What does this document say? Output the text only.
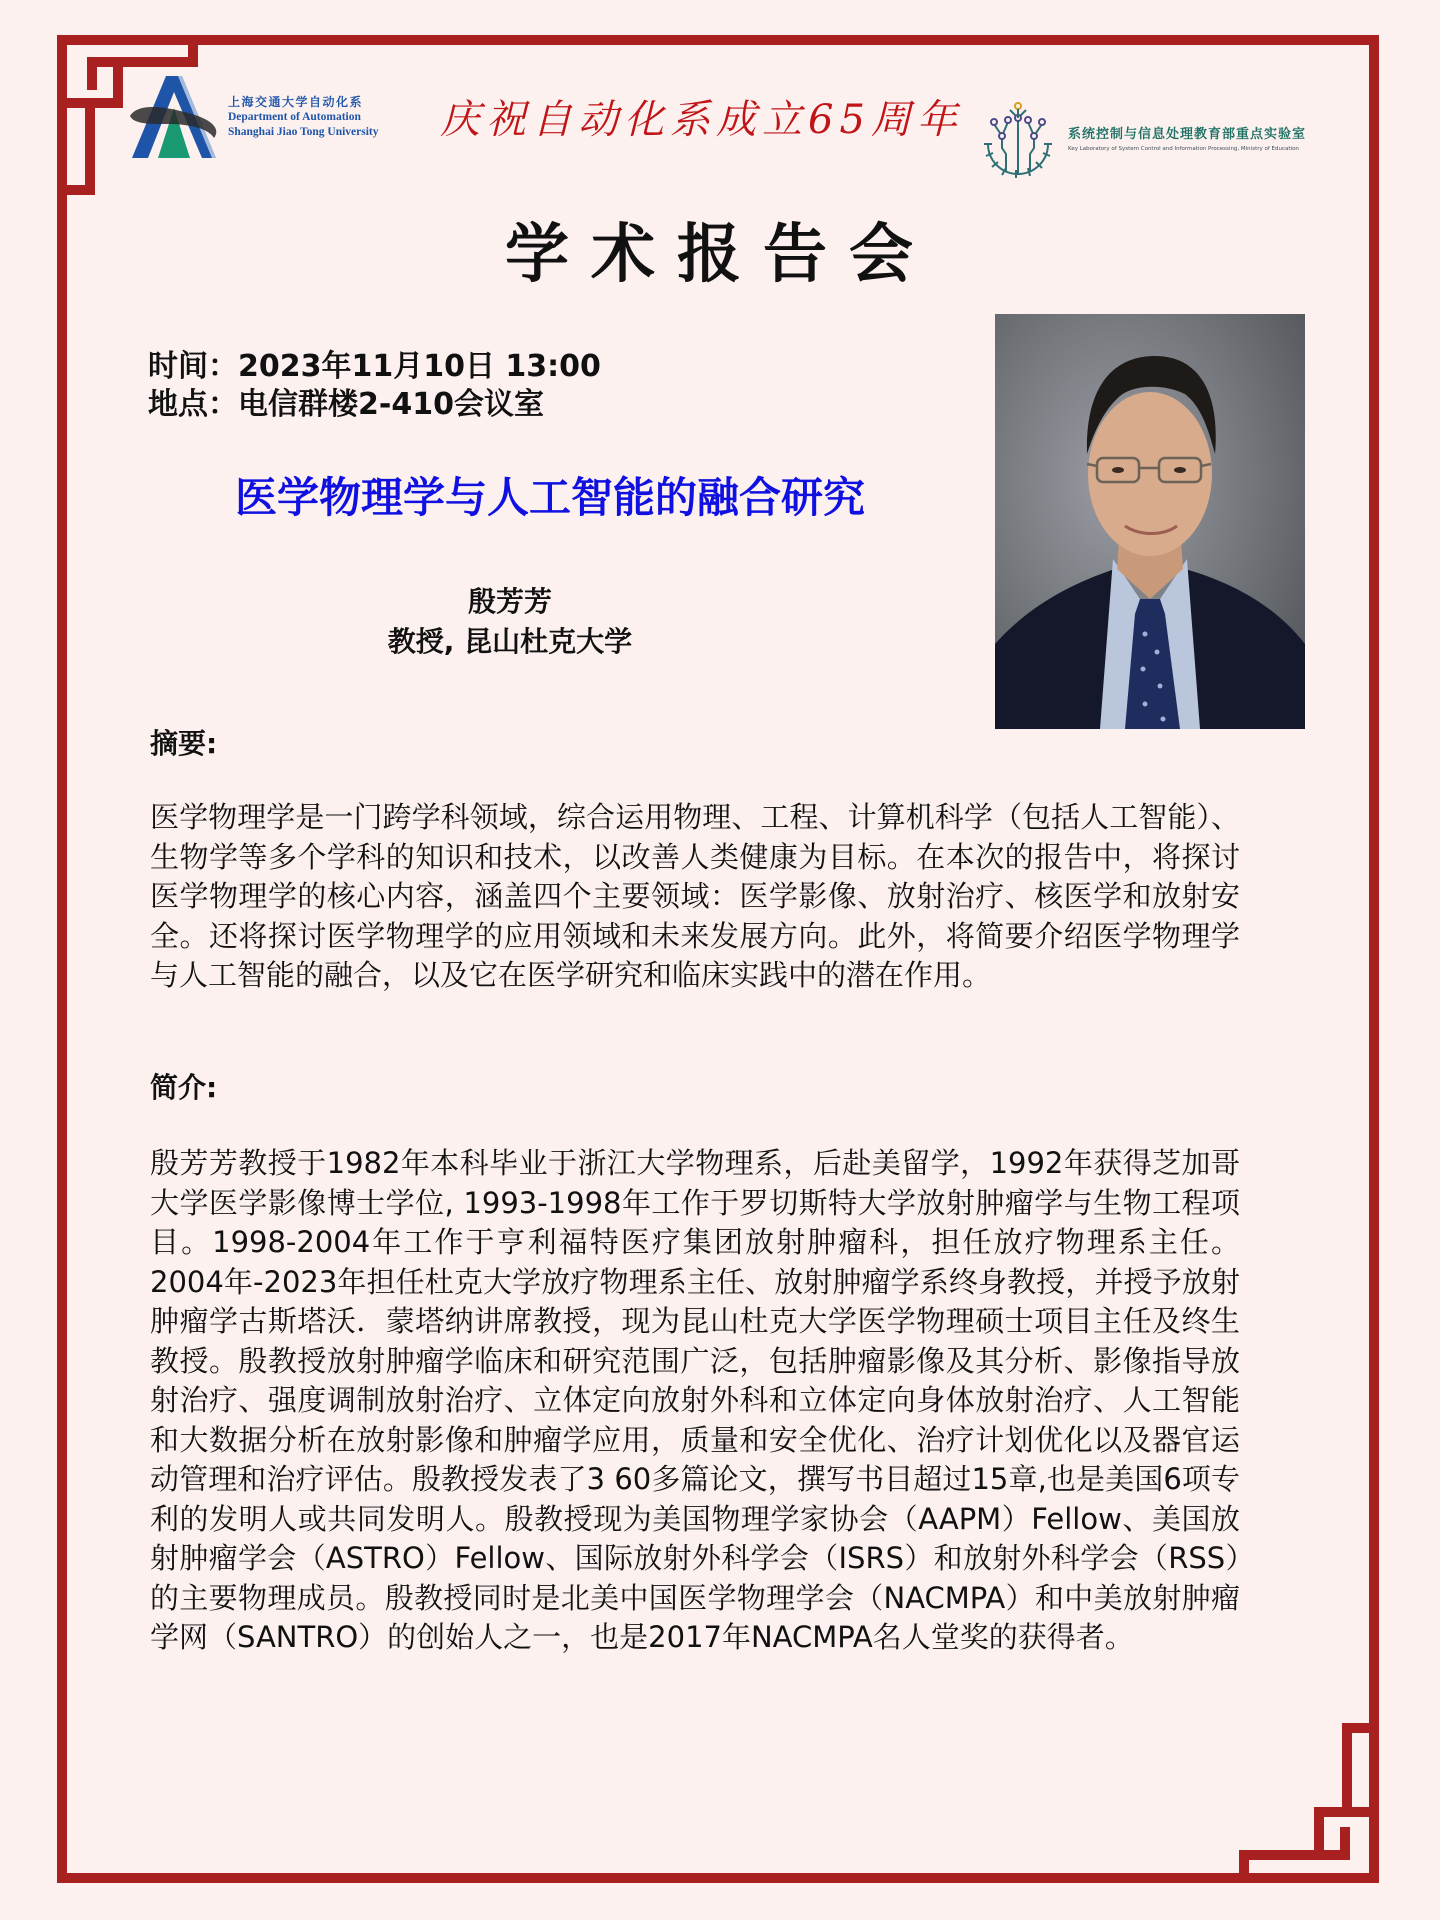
上海交通大学自动化系
Department of Automation
Shanghai Jiao Tong University 庆祝自动化系成立65周年	系统控制与信息处理教育部重点实验室
Key Laboratory of System Control and Information Processing, Ministry of Education
学术报告会
时间：2023年11月10日 13:00
地点：电信群楼2-410会议室
医学物理学与人工智能的融合研究
殷芳芳
教授, 昆山杜克大学
摘要:
医学物理学是一门跨学科领域，综合运用物理、工程、计算机科学（包括人工智能）、生物学等多个学科的知识和技术，以改善人类健康为目标。在本次的报告中，将探讨医学物理学的核心内容，涵盖四个主要领域：医学影像、放射治疗、核医学和放射安全。还将探讨医学物理学的应用领域和未来发展方向。此外，将简要介绍医学物理学与人工智能的融合，以及它在医学研究和临床实践中的潜在作用。
简介:
殷芳芳教授于1982年本科毕业于浙江大学物理系，后赴美留学，1992年获得芝加哥大学医学影像博士学位, 1993-1998年工作于罗切斯特大学放射肿瘤学与生物工程项目。1998-2004年工作于亨利福特医疗集团放射肿瘤科，担任放疗物理系主任。2004年-2023年担任杜克大学放疗物理系主任、放射肿瘤学系终身教授，并授予放射肿瘤学古斯塔沃．蒙塔纳讲席教授，现为昆山杜克大学医学物理硕士项目主任及终生教授。殷教授放射肿瘤学临床和研究范围广泛，包括肿瘤影像及其分析、影像指导放射治疗、强度调制放射治疗、立体定向放射外科和立体定向身体放射治疗、人工智能和大数据分析在放射影像和肿瘤学应用，质量和安全优化、治疗计划优化以及器官运动管理和治疗评估。殷教授发表了3 60多篇论文，撰写书目超过15章,也是美国6项专利的发明人或共同发明人。殷教授现为美国物理学家协会（AAPM）Fellow、美国放射肿瘤学会（ASTRO）Fellow、国际放射外科学会（ISRS）和放射外科学会（RSS）的主要物理成员。殷教授同时是北美中国医学物理学会（NACMPA）和中美放射肿瘤学网（SANTRO）的创始人之一，也是2017年NACMPA名人堂奖的获得者。
